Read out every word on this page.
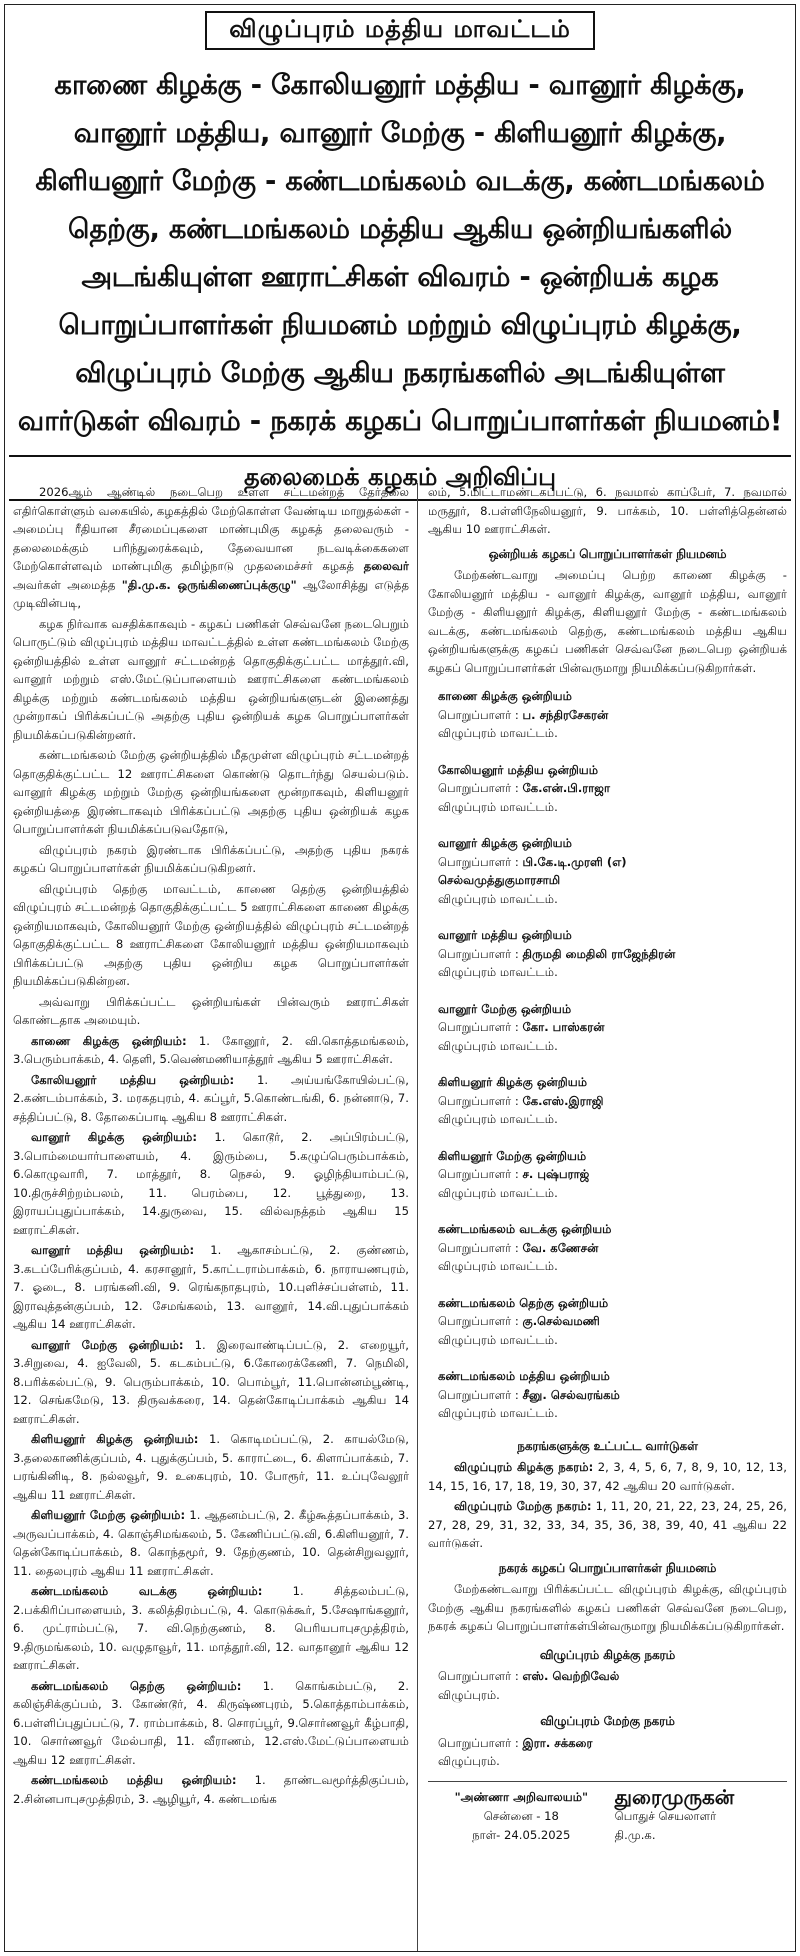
விழுப்புரம் மத்திய மாவட்டம்
காணை கிழக்கு - கோலியனூர் மத்திய - வானூர் கிழக்கு, வானூர் மத்திய, வானூர் மேற்கு - கிளியனூர் கிழக்கு, கிளியனூர் மேற்கு - கண்டமங்கலம் வடக்கு, கண்டமங்கலம் தெற்கு, கண்டமங்கலம் மத்திய ஆகிய ஒன்றியங்களில் அடங்கியுள்ள ஊராட்சிகள் விவரம் - ஒன்றியக் கழக பொறுப்பாளர்கள் நியமனம் மற்றும் விழுப்புரம் கிழக்கு, விழுப்புரம் மேற்கு ஆகிய நகரங்களில் அடங்கியுள்ள வார்டுகள் விவரம் - நகரக் கழகப் பொறுப்பாளர்கள் நியமனம்!
தலைமைக் கழகம் அறிவிப்பு

2026ஆம் ஆண்டில் நடைபெற உள்ள சட்டமன்றத் தேர்தலை எதிர்கொள்ளும் வகையில், கழகத்தில் மேற்கொள்ள வேண்டிய மாறுதல்கள் - அமைப்பு ரீதியான சீரமைப்புகளை மாண்புமிகு கழகத் தலைவரும் - தலைமைக்கும் பரிந்துரைக்கவும், தேவையான நடவடிக்கைகளை மேற்கொள்ளவும் மாண்புமிகு தமிழ்நாடு முதலமைச்சர் கழகத் தலைவர் அவர்கள் அமைத்த "தி.மு.க. ஒருங்கிணைப்புக்குழு" ஆலோசித்து எடுத்த முடிவின்படி,

கழக நிர்வாக வசதிக்காகவும் - கழகப் பணிகள் செவ்வனே நடைபெறும் பொருட்டும் விழுப்புரம் மத்திய மாவட்டத்தில் உள்ள கண்டமங்கலம் மேற்கு ஒன்றியத்தில் உள்ள வானூர் சட்டமன்றத் தொகுதிக்குட்பட்ட மாத்தூர்.வி, வானூர் மற்றும் எஸ்.மேட்டுப்பாளையம் ஊராட்சிகளை கண்டமங்கலம் கிழக்கு மற்றும் கண்டமங்கலம் மத்திய ஒன்றியங்களுடன் இணைத்து முன்றாகப் பிரிக்கப்பட்டு அதற்கு புதிய ஒன்றியக் கழக பொறுப்பாளர்கள் நியமிக்கப்படுகின்றனர்.

கண்டமங்கலம் மேற்கு ஒன்றியத்தில் மீதமுள்ள விழுப்புரம் சட்டமன்றத் தொகுதிக்குட்பட்ட 12 ஊராட்சிகளை கொண்டு தொடர்ந்து செயல்படும். வானூர் கிழக்கு மற்றும் மேற்கு ஒன்றியங்களை மூன்றாகவும், கிளியனூர் ஒன்றியத்தை இரண்டாகவும் பிரிக்கப்பட்டு அதற்கு புதிய ஒன்றியக் கழக பொறுப்பாளர்கள் நியமிக்கப்படுவதோடு,

விழுப்புரம் நகரம் இரண்டாக பிரிக்கப்பட்டு, அதற்கு புதிய நகரக் கழகப் பொறுப்பாளர்கள் நியமிக்கப்படுகிறனர்.

விழுப்புரம் தெற்கு மாவட்டம், காணை தெற்கு ஒன்றியத்தில் விழுப்புரம் சட்டமன்றத் தொகுதிக்குட்பட்ட 5 ஊராட்சிகளை காணை கிழக்கு ஒன்றியமாகவும், கோலியனூர் மேற்கு ஒன்றியத்தில் விழுப்புரம் சட்டமன்றத் தொகுதிக்குட்பட்ட 8 ஊராட்சிகளை கோலியனூர் மத்திய ஒன்றியமாகவும் பிரிக்கப்பட்டு அதற்கு புதிய ஒன்றிய கழக பொறுப்பாளர்கள் நியமிக்கப்படுகின்றன.

அவ்வாறு பிரிக்கப்பட்ட ஒன்றியங்கள் பின்வரும் ஊராட்சிகள் கொண்டதாக அமையும்.

காணை கிழக்கு ஒன்றியம்: 1. கோனூர், 2. வி.கொத்தமங்கலம், 3.பெரும்பாக்கம், 4. தெளி, 5.வெண்மணியாத்தூர் ஆகிய 5 ஊராட்சிகள்.

கோலியனூர் மத்திய ஒன்றியம்: 1. அய்யங்கோயில்பட்டு, 2.கண்டம்பாக்கம், 3. மரகதபுரம், 4. கப்பூர், 5.கொண்டங்கி, 6. நன்னாடு, 7. சத்திப்பட்டு, 8. தோகைப்பாடி ஆகிய 8 ஊராட்சிகள்.

வானூர் கிழக்கு ஒன்றியம்: 1. கொடூர், 2. அப்பிரம்பட்டு, 3.பொம்மையார்பாளையம், 4. இரும்பை, 5.கழுப்பெரும்பாக்கம், 6.கொழுவாரி, 7. மாத்தூர், 8. நெசல், 9. ஓழிந்தியாம்பட்டு, 10.திருச்சிற்றம்பலம், 11. பெரம்பை, 12. பூத்துறை, 13. இராயப்புதுப்பாக்கம், 14.துருவை, 15. வில்வநத்தம் ஆகிய 15 ஊராட்சிகள்.

வானூர் மத்திய ஒன்றியம்: 1. ஆகாசம்பட்டு, 2. குண்ணம், 3.கடப்பேரிக்குப்பம், 4. கரசானூர், 5.காட்டராம்பாக்கம், 6. நாராயணபுரம், 7. ஓடை, 8. பரங்கனி.வி, 9. ரெங்கநாதபுரம், 10.புளிச்சப்பள்ளம், 11. இராவுத்தன்குப்பம், 12. சேமங்கலம், 13. வானூர், 14.வி.புதுப்பாக்கம் ஆகிய 14 ஊராட்சிகள்.

வானூர் மேற்கு ஒன்றியம்: 1. இரைவாண்டிப்பட்டு, 2. எறையூர், 3.சிறுவை, 4. ஐவேலி, 5. கடகம்பட்டு, 6.கோரைக்கேணி, 7. நெமிலி, 8.பரிக்கல்பட்டு, 9. பெரும்பாக்கம், 10. பொம்பூர், 11.பொன்னம்பூண்டி, 12. செங்கமேடு, 13. திருவக்கரை, 14. தென்கோடிப்பாக்கம் ஆகிய 14 ஊராட்சிகள்.

கிளியனூர் கிழக்கு ஒன்றியம்: 1. கொடிமப்பட்டு, 2. காயல்மேடு, 3.தலைகாணிக்குப்பம், 4. புதுக்குப்பம், 5. காராட்டை, 6. கிளாப்பாக்கம், 7. பரங்கினிடி, 8. நல்லவூர், 9. உகைபுரம், 10. போரூர், 11. உப்புவேலூர் ஆகிய 11 ஊராட்சிகள்.

கிளியனூர் மேற்கு ஒன்றியம்: 1. ஆதனம்பட்டு, 2. கீழ்கூத்தப்பாக்கம், 3. அருவப்பாக்கம், 4. கொஞ்சிமங்கலம், 5. கேணிப்பட்டு.வி, 6.கிளியனூர், 7. தென்கோடிப்பாக்கம், 8. கொந்தமூர், 9. தேற்குணம், 10. தென்சிறுவலூர், 11. தைலபுரம் ஆகிய 11 ஊராட்சிகள்.

கண்டமங்கலம் வடக்கு ஒன்றியம்: 1. சித்தலம்பட்டு, 2.பக்கிரிப்பாளையம், 3. கலித்திரம்பட்டு, 4. கொடுக்கூர், 5.சேஷாங்கனூர், 6. முட்ராம்பட்டு, 7. வி.நெற்குணம், 8. பெரியபாபுசமுத்திரம், 9.திருமங்கலம், 10. வழுதாவூர், 11. மாத்தூர்.வி, 12. வாதானூர் ஆகிய 12 ஊராட்சிகள்.

கண்டமங்கலம் தெற்கு ஒன்றியம்: 1. கொங்கம்பட்டு, 2. கலிஞ்சிக்குப்பம், 3. கோண்டூர், 4. கிருஷ்ணபுரம், 5.கொத்தாம்பாக்கம், 6.பள்ளிப்புதுப்பட்டு, 7. ராம்பாக்கம், 8. சொரப்பூர், 9.சொர்ணவூர் கீழ்பாதி, 10. சொர்ணவூர் மேல்பாதி, 11. வீராணம், 12.எஸ்.மேட்டுப்பாளையம் ஆகிய 12 ஊராட்சிகள்.

கண்டமங்கலம் மத்திய ஒன்றியம்: 1. தாண்டவமூர்த்திகுப்பம், 2.சின்னபாபுசமுத்திரம், 3. ஆழியூர், 4. கண்டமங்க

லம், 5.மிட்டாமண்டகப்பட்டு, 6. நவமால் காப்பேர், 7. நவமால் மருதூர், 8.பள்ளிநேலியனூர், 9. பாக்கம், 10. பள்ளித்தென்னல் ஆகிய 10 ஊராட்சிகள்.

ஒன்றியக் கழகப் பொறுப்பாளர்கள் நியமனம்

மேற்கண்டவாறு அமைப்பு பெற்ற காணை கிழக்கு - கோலியனூர் மத்திய - வானூர் கிழக்கு, வானூர் மத்திய, வானூர் மேற்கு - கிளியனூர் கிழக்கு, கிளியனூர் மேற்கு - கண்டமங்கலம் வடக்கு, கண்டமங்கலம் தெற்கு, கண்டமங்கலம் மத்திய ஆகிய ஒன்றியங்களுக்கு கழகப் பணிகள் செவ்வனே நடைபெற ஒன்றியக் கழகப் பொறுப்பாளர்கள் பின்வருமாறு நியமிக்கப்படுகிறார்கள்.

காணை கிழக்கு ஒன்றியம்
பொறுப்பாளர் : ப. சந்திரசேகரன்
விழுப்புரம் மாவட்டம்.
கோலியனூர் மத்திய ஒன்றியம்
பொறுப்பாளர் : கே.என்.பி.ராஜா
விழுப்புரம் மாவட்டம்.
வானூர் கிழக்கு ஒன்றியம்
பொறுப்பாளர் : பி.கே.டி.முரளி (எ)
செல்வமுத்துகுமாரசாமி
விழுப்புரம் மாவட்டம்.
வானூர் மத்திய ஒன்றியம்
பொறுப்பாளர் : திருமதி மைதிலி ராஜேந்திரன்
விழுப்புரம் மாவட்டம்.
வானூர் மேற்கு ஒன்றியம்
பொறுப்பாளர் : கோ. பாஸ்கரன்
விழுப்புரம் மாவட்டம்.
கிளியனூர் கிழக்கு ஒன்றியம்
பொறுப்பாளர் : கே.எஸ்.இராஜி
விழுப்புரம் மாவட்டம்.
கிளியனூர் மேற்கு ஒன்றியம்
பொறுப்பாளர் : ச. புஷ்பராஜ்
விழுப்புரம் மாவட்டம்.
கண்டமங்கலம் வடக்கு ஒன்றியம்
பொறுப்பாளர் : வே. கணேசன்
விழுப்புரம் மாவட்டம்.
கண்டமங்கலம் தெற்கு ஒன்றியம்
பொறுப்பாளர் : கு.செல்வமணி
விழுப்புரம் மாவட்டம்.
கண்டமங்கலம் மத்திய ஒன்றியம்
பொறுப்பாளர் : சீனு. செல்வரங்கம்
விழுப்புரம் மாவட்டம்.
நகரங்களுக்கு உட்பட்ட வார்டுகள்

விழுப்புரம் கிழக்கு நகரம்: 2, 3, 4, 5, 6, 7, 8, 9, 10, 12, 13, 14, 15, 16, 17, 18, 19, 30, 37, 42 ஆகிய 20 வார்டுகள்.

விழுப்புரம் மேற்கு நகரம்: 1, 11, 20, 21, 22, 23, 24, 25, 26, 27, 28, 29, 31, 32, 33, 34, 35, 36, 38, 39, 40, 41 ஆகிய 22 வார்டுகள்.

நகரக் கழகப் பொறுப்பாளர்கள் நியமனம்

மேற்கண்டவாறு பிரிக்கப்பட்ட விழுப்புரம் கிழக்கு, விழுப்புரம் மேற்கு ஆகிய நகரங்களில் கழகப் பணிகள் செவ்வனே நடைபெற, நகரக் கழகப் பொறுப்பாளர்கள்பின்வருமாறு நியமிக்கப்படுகிறார்கள்.

விழுப்புரம் கிழக்கு நகரம்
பொறுப்பாளர் : எஸ். வெற்றிவேல்
விழுப்புரம்.
விழுப்புரம் மேற்கு நகரம்
பொறுப்பாளர் : இரா. சக்கரை
விழுப்புரம்.
"அண்ணா அறிவாலயம்"
சென்னை - 18
நாள்- 24.05.2025
துரைமுருகன்
பொதுச் செயலாளர்
தி.மு.க.
